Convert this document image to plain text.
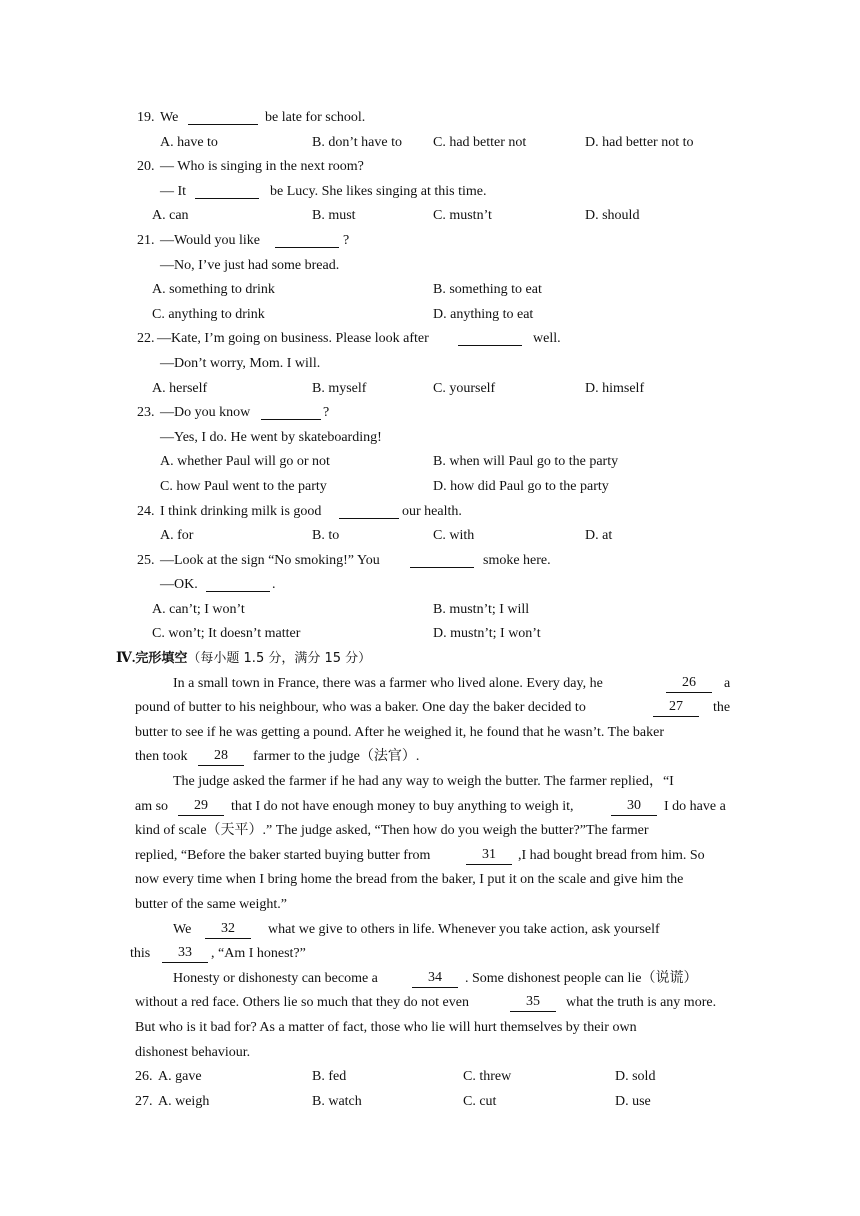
19. We	be late for school.
A. have to	B. don’t have to C. had better not	D. had better not to
20. — Who is singing in the next room?
— It	be Lucy. She likes singing at this time.
A. can	B. must	C. mustn’t	D. should
21. —Would you like	?
—No, I’ve just had some bread.
A. something to drink	B. something to eat
C. anything to drink	D. anything to eat
22. —Kate, I’m going on business. Please look after	well.
—Don’t worry, Mom. I will.
A. herself	B. myself	C. yourself	D. himself
23. —Do you know	?
—Yes, I do. He went by skateboarding!
A. whether Paul will go or not	B. when will Paul go to the party
C. how Paul went to the party	D. how did Paul go to the party
24. I think drinking milk is good	our health.
A. for	B. to	C. with	D. at
25. —Look at the sign “No smoking!” You	smoke here.
—OK.	.
A. can’t; I won’t	B. mustn’t; I will
C. won’t; It doesn’t matter	D. mustn’t; I won’t
Ⅳ.完形填空（每小题 1.5 分，满分 15 分）
In a small town in France, there was a farmer who lived alone. Every day, he	26	a
pound of butter to his neighbour, who was a baker. One day the baker decided to	27	the
butter to see if he was getting a pound. After he weighed it, he found that he wasn’t. The baker
then took	28	farmer to the judge（法官）.
The judge asked the farmer if he had any way to weigh the butter. The farmer replied，“I
am so	29	that I do not have enough money to buy anything to weigh it,	30	I do have a
kind of scale（天平）.” The judge asked, “Then how do you weigh the butter?”The farmer
replied, “Before the baker started buying butter from	31	,I had bought bread from him. So
now every time when I bring home the bread from the baker, I put it on the scale and give him the
butter of the same weight.”
We	32	what we give to others in life. Whenever you take action, ask yourself
this	33	, “Am I honest?”
Honesty or dishonesty can become a	34	. Some dishonest people can lie（说谎）
without a red face. Others lie so much that they do not even	35	what the truth is any more.
But who is it bad for? As a matter of fact, those who lie will hurt themselves by their own
dishonest behaviour.
26. A. gave	B. fed	C. threw	D. sold
27. A. weigh	B. watch	C. cut	D. use
